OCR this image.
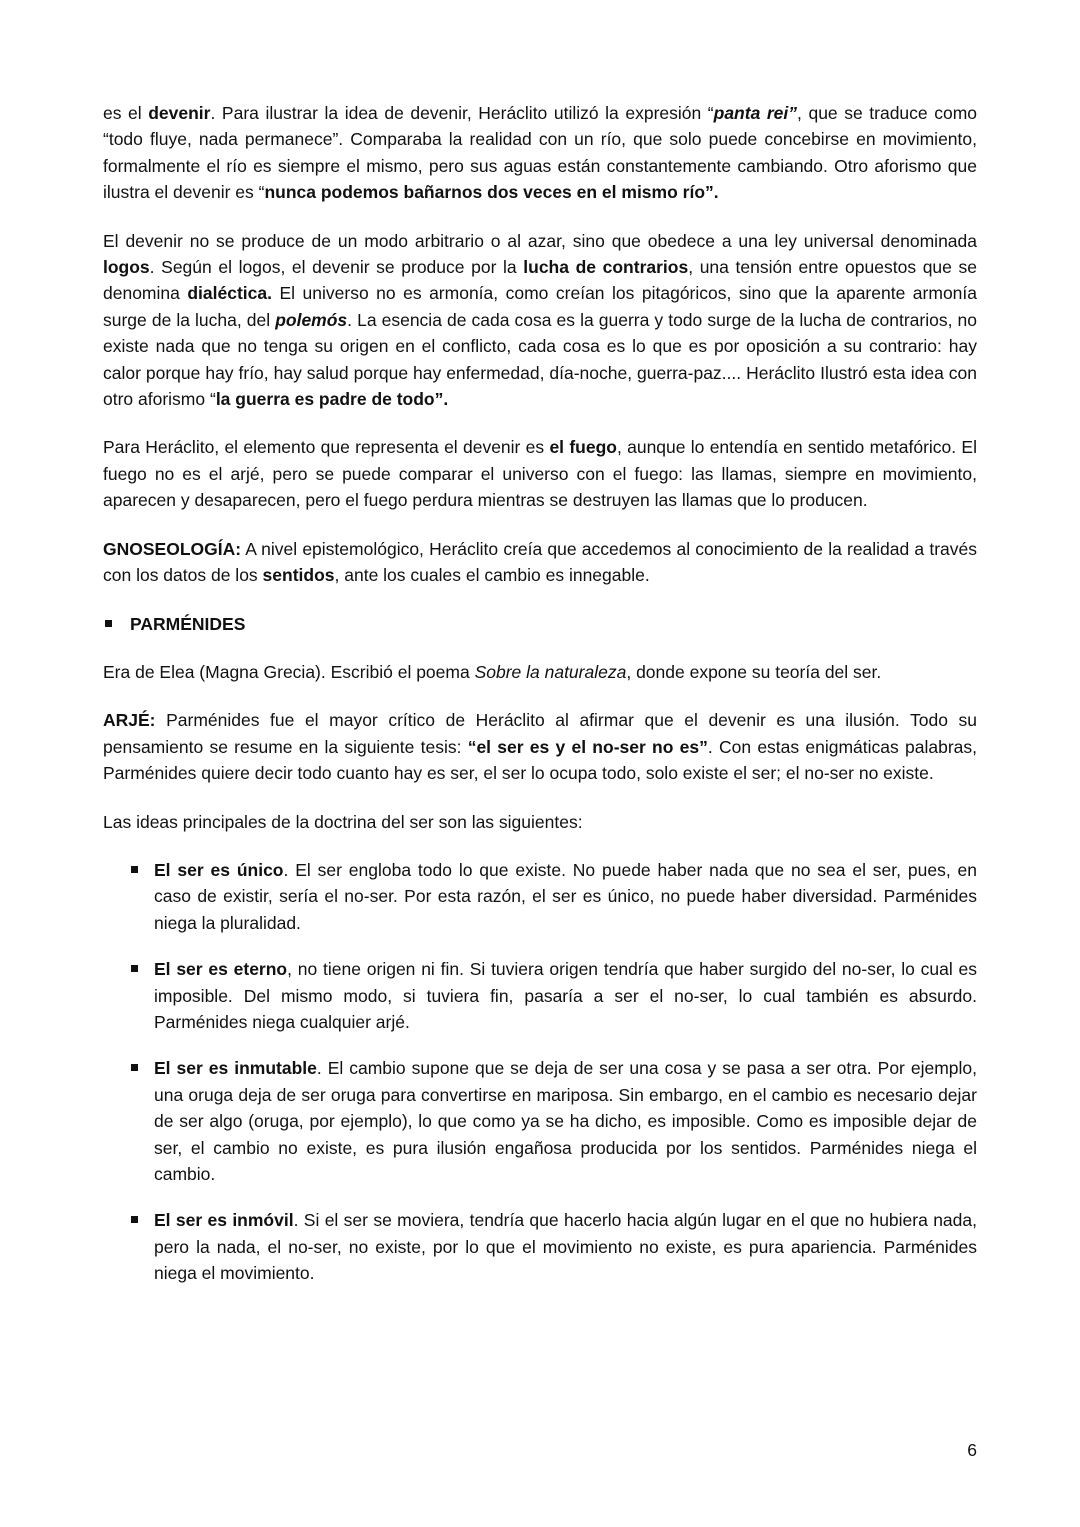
es el devenir. Para ilustrar la idea de devenir, Heráclito utilizó la expresión “panta rei”, que se traduce como “todo fluye, nada permanece”. Comparaba la realidad con un río, que solo puede concebirse en movimiento, formalmente el río es siempre el mismo, pero sus aguas están constantemente cambiando. Otro aforismo que ilustra el devenir es “nunca podemos bañarnos dos veces en el mismo río”.

El devenir no se produce de un modo arbitrario o al azar, sino que obedece a una ley universal denominada logos. Según el logos, el devenir se produce por la lucha de contrarios, una tensión entre opuestos que se denomina dialéctica. El universo no es armonía, como creían los pitagóricos, sino que la aparente armonía surge de la lucha, del polemós. La esencia de cada cosa es la guerra y todo surge de la lucha de contrarios, no existe nada que no tenga su origen en el conflicto, cada cosa es lo que es por oposición a su contrario: hay calor porque hay frío, hay salud porque hay enfermedad, día-noche, guerra-paz.... Heráclito Ilustró esta idea con otro aforismo “la guerra es padre de todo”.

Para Heráclito, el elemento que representa el devenir es el fuego, aunque lo entendía en sentido metafórico. El fuego no es el arjé, pero se puede comparar el universo con el fuego: las llamas, siempre en movimiento, aparecen y desaparecen, pero el fuego perdura mientras se destruyen las llamas que lo producen.

GNOSEOLOGÍA: A nivel epistemológico, Heráclito creía que accedemos al conocimiento de la realidad a través con los datos de los sentidos, ante los cuales el cambio es innegable.

PARMÉNIDES

Era de Elea (Magna Grecia). Escribió el poema Sobre la naturaleza, donde expone su teoría del ser.

ARJÉ: Parménides fue el mayor crítico de Heráclito al afirmar que el devenir es una ilusión. Todo su pensamiento se resume en la siguiente tesis: “el ser es y el no-ser no es”. Con estas enigmáticas palabras, Parménides quiere decir todo cuanto hay es ser, el ser lo ocupa todo, solo existe el ser; el no-ser no existe.

Las ideas principales de la doctrina del ser son las siguientes:

El ser es único. El ser engloba todo lo que existe. No puede haber nada que no sea el ser, pues, en caso de existir, sería el no-ser. Por esta razón, el ser es único, no puede haber diversidad. Parménides niega la pluralidad.
El ser es eterno, no tiene origen ni fin. Si tuviera origen tendría que haber surgido del no-ser, lo cual es imposible. Del mismo modo, si tuviera fin, pasaría a ser el no-ser, lo cual también es absurdo. Parménides niega cualquier arjé.
El ser es inmutable. El cambio supone que se deja de ser una cosa y se pasa a ser otra. Por ejemplo, una oruga deja de ser oruga para convertirse en mariposa. Sin embargo, en el cambio es necesario dejar de ser algo (oruga, por ejemplo), lo que como ya se ha dicho, es imposible. Como es imposible dejar de ser, el cambio no existe, es pura ilusión engañosa producida por los sentidos. Parménides niega el cambio.
El ser es inmóvil. Si el ser se moviera, tendría que hacerlo hacia algún lugar en el que no hubiera nada, pero la nada, el no-ser, no existe, por lo que el movimiento no existe, es pura apariencia. Parménides niega el movimiento.
6
